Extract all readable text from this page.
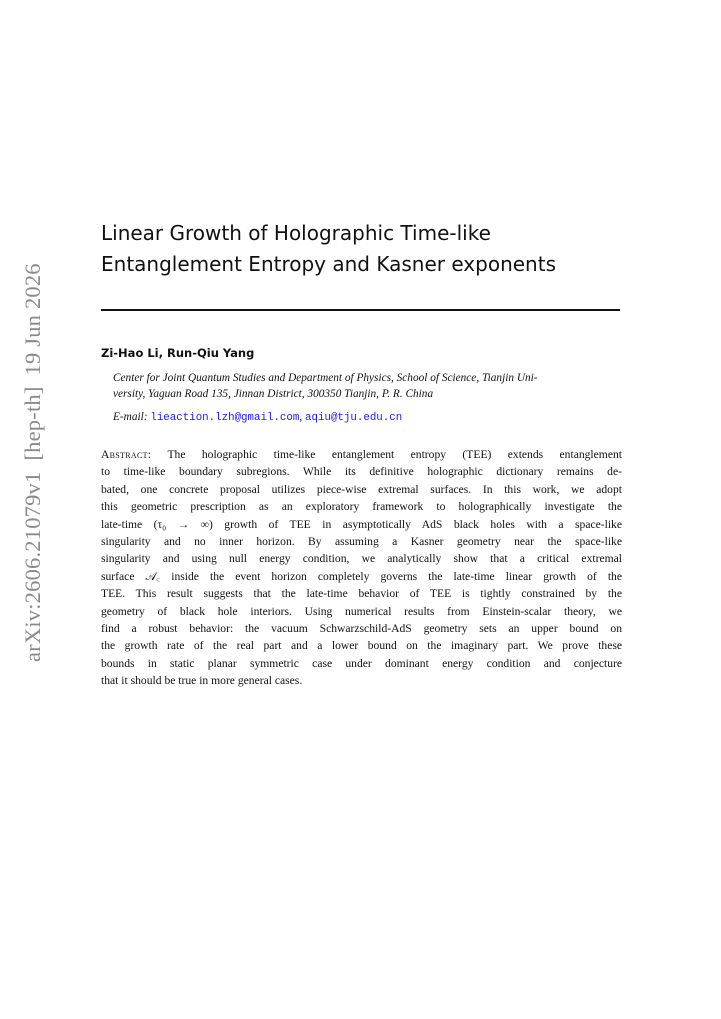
arXiv:2606.21079v1[hep-th]19 Jun 2026
Linear Growth of Holographic Time-like
Entanglement Entropy and Kasner exponents
Zi-Hao Li, Run-Qiu Yang
Center for Joint Quantum Studies and Department of Physics, School of Science, Tianjin Uni-
versity, Yaguan Road 135, Jinnan District, 300350 Tianjin, P. R. China
E-mail: lieaction.lzh@gmail.com, aqiu@tju.edu.cn
Abstract: The holographic time-like entanglement entropy (TEE) extends entanglement
to time-like boundary subregions. While its definitive holographic dictionary remains de-
bated, one concrete proposal utilizes piece-wise extremal surfaces. In this work, we adopt
this geometric prescription as an exploratory framework to holographically investigate the
late-time (τ₀ → ∞) growth of TEE in asymptotically AdS black holes with a space-like
singularity and no inner horizon. By assuming a Kasner geometry near the space-like
singularity and using null energy condition, we analytically show that a critical extremal
surface 𝒜꜀ inside the event horizon completely governs the late-time linear growth of the
TEE. This result suggests that the late-time behavior of TEE is tightly constrained by the
geometry of black hole interiors. Using numerical results from Einstein-scalar theory, we
find a robust behavior: the vacuum Schwarzschild-AdS geometry sets an upper bound on
the growth rate of the real part and a lower bound on the imaginary part. We prove these
bounds in static planar symmetric case under dominant energy condition and conjecture
that it should be true in more general cases.
